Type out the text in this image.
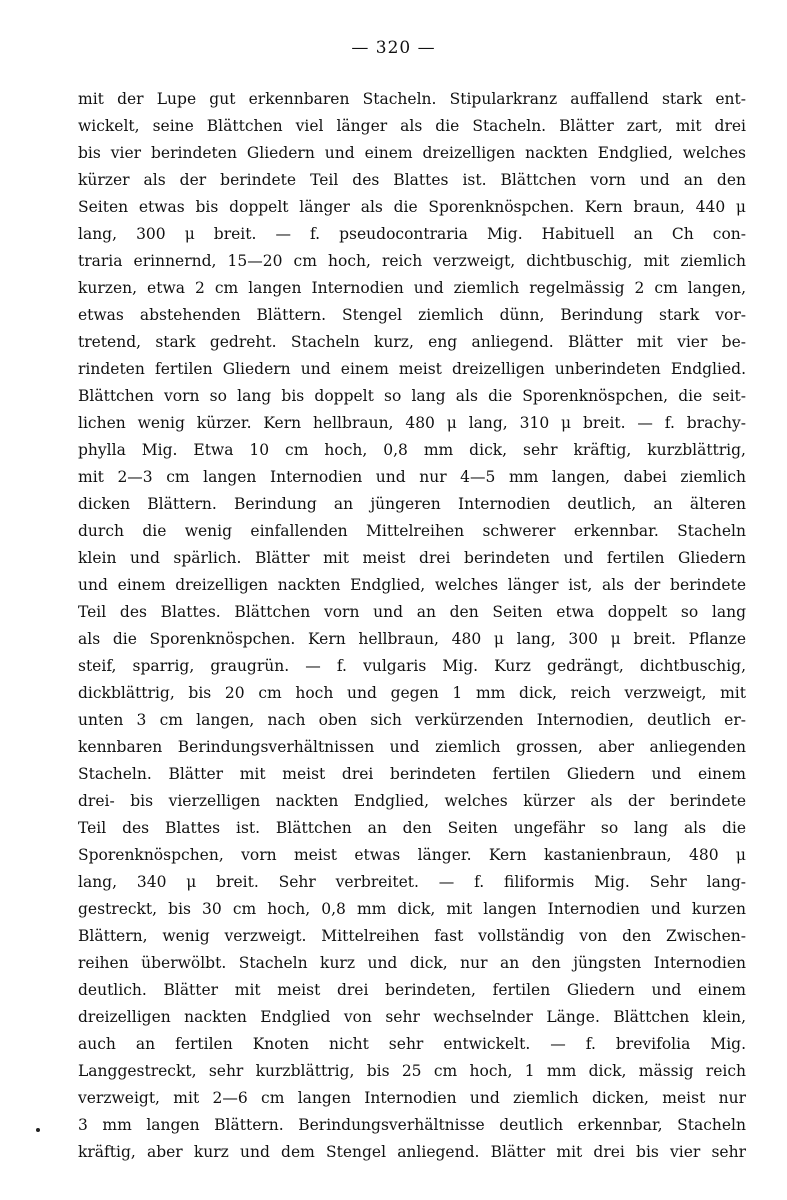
— 320 —
mit der Lupe gut erkennbaren Stacheln. Stipularkranz auffallend stark ent-
wickelt, seine Blättchen viel länger als die Stacheln. Blätter zart, mit drei
bis vier berindeten Gliedern und einem dreizelligen nackten Endglied, welches
kürzer als der berindete Teil des Blattes ist. Blättchen vorn und an den
Seiten etwas bis doppelt länger als die Sporenknöspchen. Kern braun, 440 μ
lang, 300 μ breit. — f. pseudocontraria Mig. Habituell an Ch con-
traria erinnernd, 15—20 cm hoch, reich verzweigt, dichtbuschig, mit ziemlich
kurzen, etwa 2 cm langen Internodien und ziemlich regelmässig 2 cm langen,
etwas abstehenden Blättern. Stengel ziemlich dünn, Berindung stark vor-
tretend, stark gedreht. Stacheln kurz, eng anliegend. Blätter mit vier be-
rindeten fertilen Gliedern und einem meist dreizelligen unberindeten Endglied.
Blättchen vorn so lang bis doppelt so lang als die Sporenknöspchen, die seit-
lichen wenig kürzer. Kern hellbraun, 480 μ lang, 310 μ breit. — f. brachy-
phylla Mig. Etwa 10 cm hoch, 0,8 mm dick, sehr kräftig, kurzblättrig,
mit 2—3 cm langen Internodien und nur 4—5 mm langen, dabei ziemlich
dicken Blättern. Berindung an jüngeren Internodien deutlich, an älteren
durch die wenig einfallenden Mittelreihen schwerer erkennbar. Stacheln
klein und spärlich. Blätter mit meist drei berindeten und fertilen Gliedern
und einem dreizelligen nackten Endglied, welches länger ist, als der berindete
Teil des Blattes. Blättchen vorn und an den Seiten etwa doppelt so lang
als die Sporenknöspchen. Kern hellbraun, 480 μ lang, 300 μ breit. Pflanze
steif, sparrig, graugrün. — f. vulgaris Mig. Kurz gedrängt, dichtbuschig,
dickblättrig, bis 20 cm hoch und gegen 1 mm dick, reich verzweigt, mit
unten 3 cm langen, nach oben sich verkürzenden Internodien, deutlich er-
kennbaren Berindungsverhältnissen und ziemlich grossen, aber anliegenden
Stacheln. Blätter mit meist drei berindeten fertilen Gliedern und einem
drei- bis vierzelligen nackten Endglied, welches kürzer als der berindete
Teil des Blattes ist. Blättchen an den Seiten ungefähr so lang als die
Sporenknöspchen, vorn meist etwas länger. Kern kastanienbraun, 480 μ
lang, 340 μ breit. Sehr verbreitet. — f. filiformis Mig. Sehr lang-
gestreckt, bis 30 cm hoch, 0,8 mm dick, mit langen Internodien und kurzen
Blättern, wenig verzweigt. Mittelreihen fast vollständig von den Zwischen-
reihen überwölbt. Stacheln kurz und dick, nur an den jüngsten Internodien
deutlich. Blätter mit meist drei berindeten, fertilen Gliedern und einem
dreizelligen nackten Endglied von sehr wechselnder Länge. Blättchen klein,
auch an fertilen Knoten nicht sehr entwickelt. — f. brevifolia Mig.
Langgestreckt, sehr kurzblättrig, bis 25 cm hoch, 1 mm dick, mässig reich
verzweigt, mit 2—6 cm langen Internodien und ziemlich dicken, meist nur
3 mm langen Blättern. Berindungsverhältnisse deutlich erkennbar, Stacheln
kräftig, aber kurz und dem Stengel anliegend. Blätter mit drei bis vier sehr
